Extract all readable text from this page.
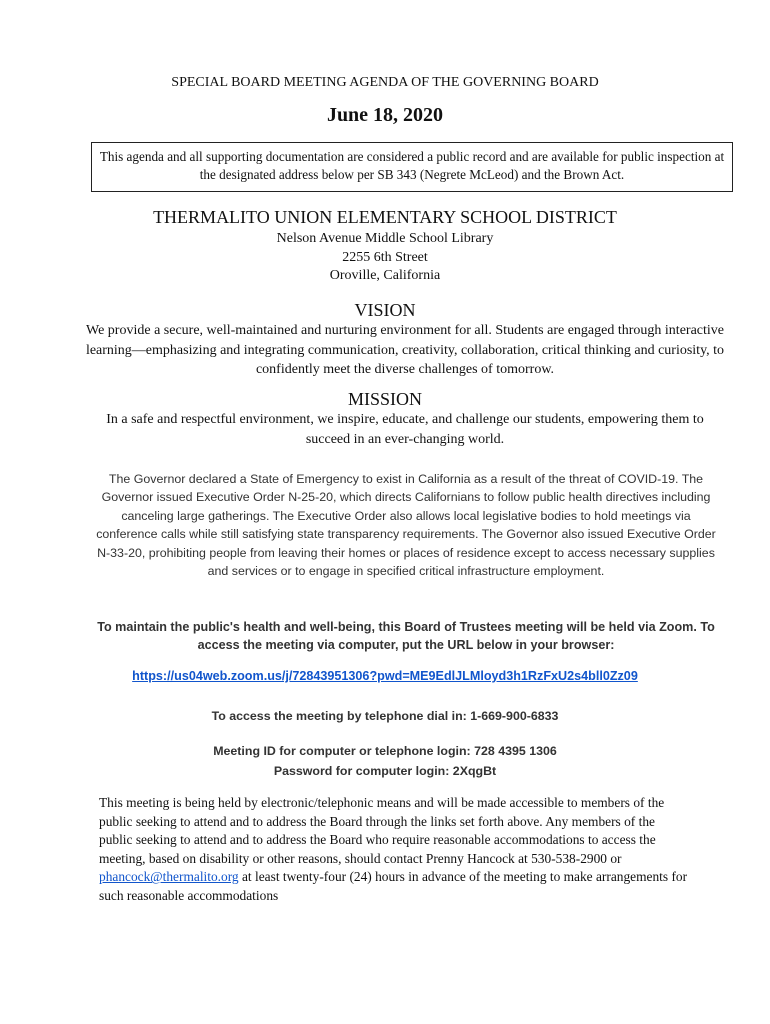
SPECIAL BOARD MEETING AGENDA OF THE GOVERNING BOARD
June 18, 2020
This agenda and all supporting documentation are considered a public record and are available for public inspection at the designated address below per SB 343 (Negrete McLeod) and the Brown Act.
THERMALITO UNION ELEMENTARY SCHOOL DISTRICT
Nelson Avenue Middle School Library
2255 6th Street
Oroville, California
VISION
We provide a secure, well-maintained and nurturing environment for all. Students are engaged through interactive learning—emphasizing and integrating communication, creativity, collaboration, critical thinking and curiosity, to confidently meet the diverse challenges of tomorrow.
MISSION
In a safe and respectful environment, we inspire, educate, and challenge our students, empowering them to succeed in an ever-changing world.
The Governor declared a State of Emergency to exist in California as a result of the threat of COVID-19. The Governor issued Executive Order N-25-20, which directs Californians to follow public health directives including canceling large gatherings. The Executive Order also allows local legislative bodies to hold meetings via conference calls while still satisfying state transparency requirements. The Governor also issued Executive Order N-33-20, prohibiting people from leaving their homes or places of residence except to access necessary supplies and services or to engage in specified critical infrastructure employment.
To maintain the public's health and well-being, this Board of Trustees meeting will be held via Zoom. To access the meeting via computer, put the URL below in your browser:
https://us04web.zoom.us/j/72843951306?pwd=ME9EdlJLMloyd3h1RzFxU2s4bll0Zz09
To access the meeting by telephone dial in: 1-669-900-6833
Meeting ID for computer or telephone login: 728 4395 1306
Password for computer login: 2XqgBt
This meeting is being held by electronic/telephonic means and will be made accessible to members of the public seeking to attend and to address the Board through the links set forth above. Any members of the public seeking to attend and to address the Board who require reasonable accommodations to access the meeting, based on disability or other reasons, should contact Prenny Hancock at 530-538-2900 or phancock@thermalito.org at least twenty-four (24) hours in advance of the meeting to make arrangements for such reasonable accommodations
